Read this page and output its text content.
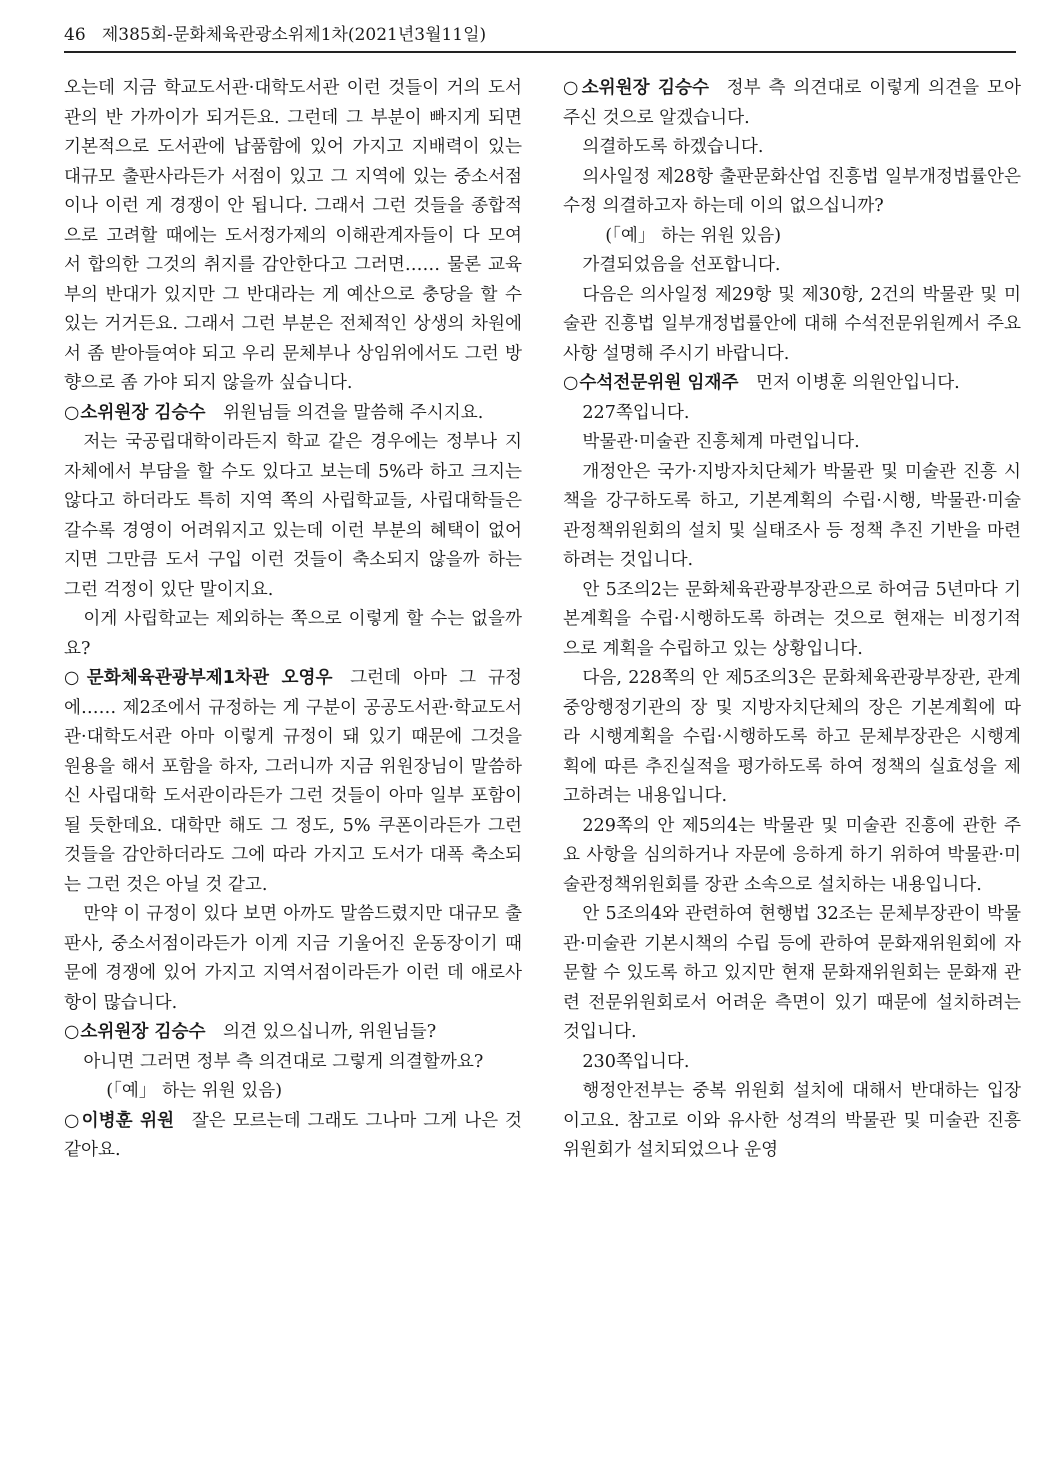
46 제385회-문화체육관광소위제1차(2021년3월11일)

오는데 지금 학교도서관·대학도서관 이런 것들이 거의 도서관의 반 가까이가 되거든요. 그런데 그 부분이 빠지게 되면 기본적으로 도서관에 납품함에 있어 가지고 지배력이 있는 대규모 출판사라든가 서점이 있고 그 지역에 있는 중소서점이나 이런 게 경쟁이 안 됩니다. 그래서 그런 것들을 종합적으로 고려할 때에는 도서정가제의 이해관계자들이 다 모여서 합의한 그것의 취지를 감안한다고 그러면…… 물론 교육부의 반대가 있지만 그 반대라는 게 예산으로 충당을 할 수 있는 거거든요. 그래서 그런 부분은 전체적인 상생의 차원에서 좀 받아들여야 되고 우리 문체부나 상임위에서도 그런 방향으로 좀 가야 되지 않을까 싶습니다.

○소위원장 김승수  위원님들 의견을 말씀해 주시지요.

저는 국공립대학이라든지 학교 같은 경우에는 정부나 지자체에서 부담을 할 수도 있다고 보는데 5%라 하고 크지는 않다고 하더라도 특히 지역 쪽의 사립학교들, 사립대학들은 갈수록 경영이 어려워지고 있는데 이런 부분의 혜택이 없어지면 그만큼 도서 구입 이런 것들이 축소되지 않을까 하는 그런 걱정이 있단 말이지요.

이게 사립학교는 제외하는 쪽으로 이렇게 할 수는 없을까요?

○문화체육관광부제1차관 오영우  그런데 아마 그 규정에…… 제2조에서 규정하는 게 구분이 공공도서관·학교도서관·대학도서관 아마 이렇게 규정이 돼 있기 때문에 그것을 원용을 해서 포함을 하자, 그러니까 지금 위원장님이 말씀하신 사립대학 도서관이라든가 그런 것들이 아마 일부 포함이 될 듯한데요. 대학만 해도 그 정도, 5% 쿠폰이라든가 그런 것들을 감안하더라도 그에 따라 가지고 도서가 대폭 축소되는 그런 것은 아닐 것 같고.

만약 이 규정이 있다 보면 아까도 말씀드렸지만 대규모 출판사, 중소서점이라든가 이게 지금 기울어진 운동장이기 때문에 경쟁에 있어 가지고 지역서점이라든가 이런 데 애로사항이 많습니다.

○소위원장 김승수  의견 있으십니까, 위원님들?

아니면 그러면 정부 측 의견대로 그렇게 의결할까요?

(「예」 하는 위원 있음)

○이병훈 위원  잘은 모르는데 그래도 그나마 그게 나은 것 같아요.

○소위원장 김승수  정부 측 의견대로 이렇게 의견을 모아 주신 것으로 알겠습니다.

의결하도록 하겠습니다.

의사일정 제28항 출판문화산업 진흥법 일부개정법률안은 수정 의결하고자 하는데 이의 없으십니까?

(「예」 하는 위원 있음)

가결되었음을 선포합니다.

다음은 의사일정 제29항 및 제30항, 2건의 박물관 및 미술관 진흥법 일부개정법률안에 대해 수석전문위원께서 주요 사항 설명해 주시기 바랍니다.

○수석전문위원 임재주  먼저 이병훈 의원안입니다.

227쪽입니다.

박물관·미술관 진흥체계 마련입니다.

개정안은 국가·지방자치단체가 박물관 및 미술관 진흥 시책을 강구하도록 하고, 기본계획의 수립·시행, 박물관·미술관정책위원회의 설치 및 실태조사 등 정책 추진 기반을 마련하려는 것입니다.

안 5조의2는 문화체육관광부장관으로 하여금 5년마다 기본계획을 수립·시행하도록 하려는 것으로 현재는 비정기적으로 계획을 수립하고 있는 상황입니다.

다음, 228쪽의 안 제5조의3은 문화체육관광부장관, 관계 중앙행정기관의 장 및 지방자치단체의 장은 기본계획에 따라 시행계획을 수립·시행하도록 하고 문체부장관은 시행계획에 따른 추진실적을 평가하도록 하여 정책의 실효성을 제고하려는 내용입니다.

229쪽의 안 제5의4는 박물관 및 미술관 진흥에 관한 주요 사항을 심의하거나 자문에 응하게 하기 위하여 박물관·미술관정책위원회를 장관 소속으로 설치하는 내용입니다.

안 5조의4와 관련하여 현행법 32조는 문체부장관이 박물관·미술관 기본시책의 수립 등에 관하여 문화재위원회에 자문할 수 있도록 하고 있지만 현재 문화재위원회는 문화재 관련 전문위원회로서 어려운 측면이 있기 때문에 설치하려는 것입니다.

230쪽입니다.

행정안전부는 중복 위원회 설치에 대해서 반대하는 입장이고요. 참고로 이와 유사한 성격의 박물관 및 미술관 진흥위원회가 설치되었으나 운영
